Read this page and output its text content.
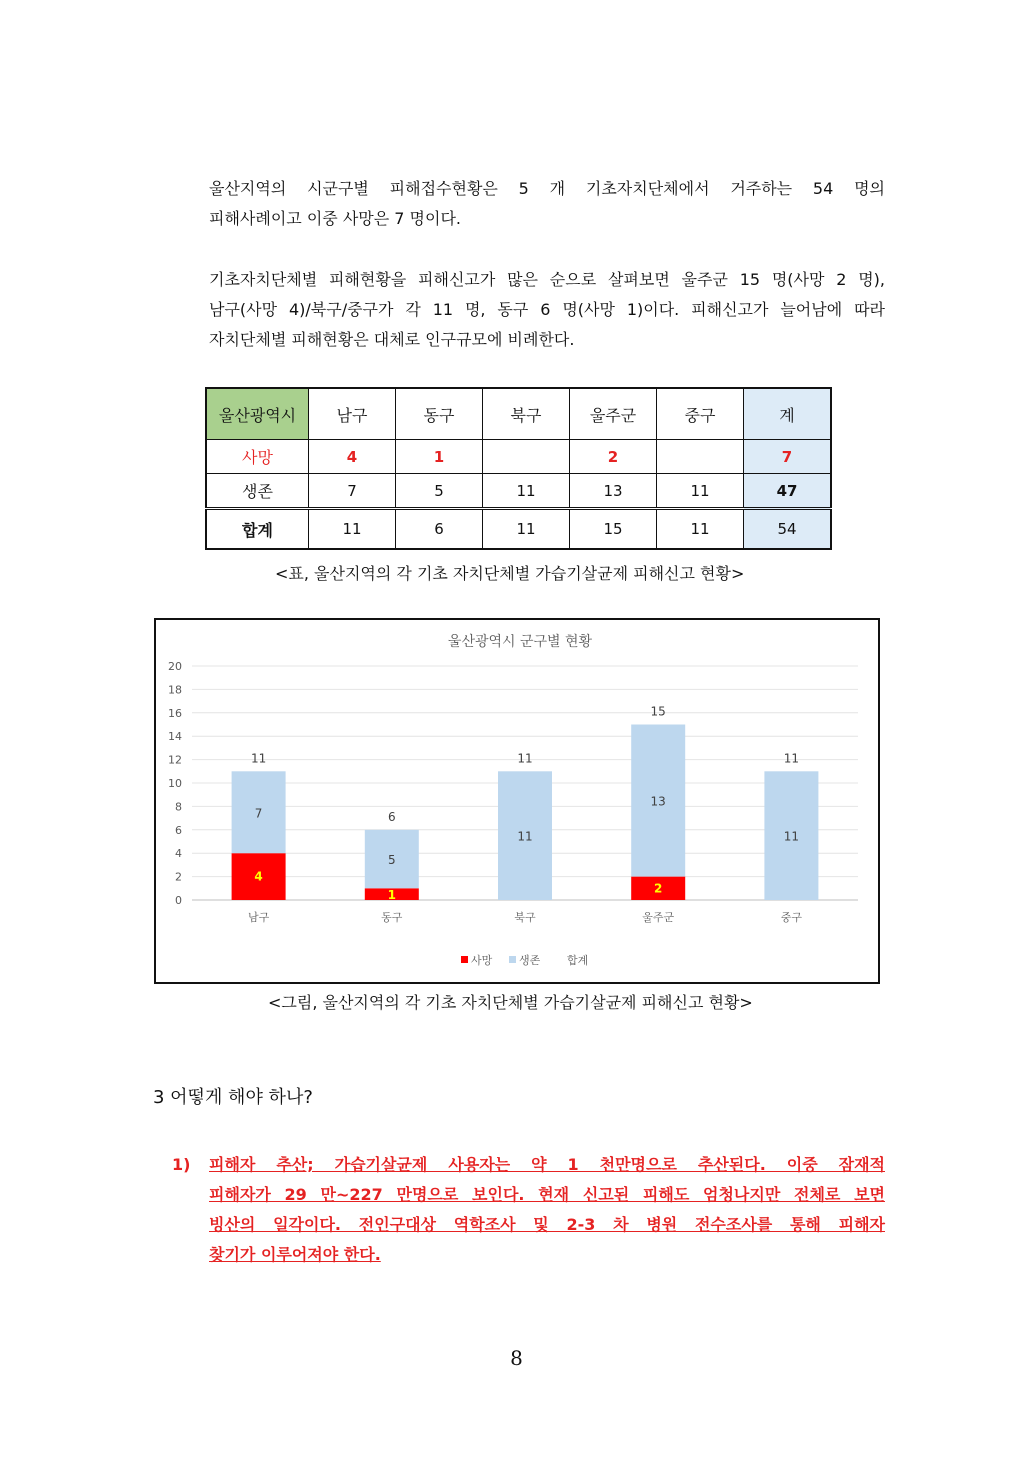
울산지역의 시군구별 피해접수현황은 5 개 기초자치단체에서 거주하는 54 명의
피해사례이고 이중 사망은 7 명이다.
기초자치단체별 피해현황을 피해신고가 많은 순으로 살펴보면 울주군 15 명(사망 2 명),
남구(사망 4)/북구/중구가 각 11 명, 동구 6 명(사망 1)이다. 피해신고가 늘어남에 따라
자치단체별 피해현황은 대체로 인구규모에 비례한다.
울산광역시	남구	동구	북구	울주군	중구	계
사망	4	1		2		7
생존	7	5	11	13	11	47
합계	11	6	11	15	11	54
<표, 울산지역의 각 기초 자치단체별 가습기살균제 피해신고 현황>
울산광역시 군구별 현황
0
2
4
6
8
10
12
14
16
18
20
4
7
11
1
5
6
11
11
2
13
15
11
11
남구	동구	북구	울주군	중구
사망 생존 합계
<그림, 울산지역의 각 기초 자치단체별 가습기살균제 피해신고 현황>
3 어떻게 해야 하나?
1) 피해자 추산; 가습기살균제 사용자는 약 1 천만명으로 추산된다. 이중 잠재적
피해자가 29 만~227 만명으로 보인다. 현재 신고된 피해도 엄청나지만 전체로 보면
빙산의 일각이다. 전인구대상 역학조사 및 2-3 차 병원 전수조사를 통해 피해자
찾기가 이루어져야 한다.
8
